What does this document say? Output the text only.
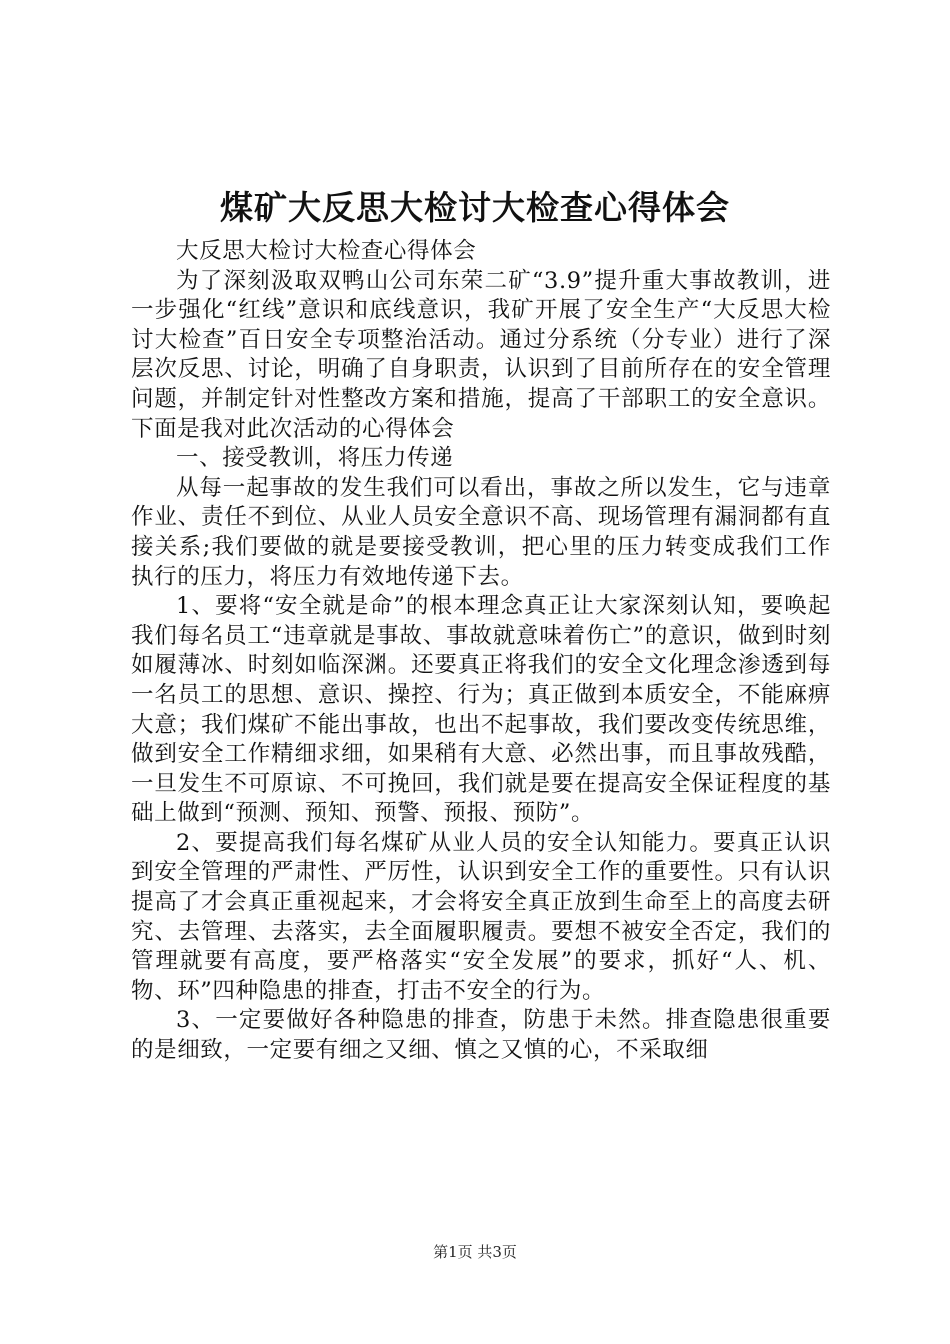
煤矿大反思大检讨大检查心得体会

大反思大检讨大检查心得体会

为了深刻汲取双鸭山公司东荣二矿“3.9”提升重大事故教训，进一步强化“红线”意识和底线意识，我矿开展了安全生产“大反思大检讨大检查”百日安全专项整治活动。通过分系统（分专业）进行了深层次反思、讨论，明确了自身职责，认识到了目前所存在的安全管理问题，并制定针对性整改方案和措施，提高了干部职工的安全意识。下面是我对此次活动的心得体会

一、接受教训，将压力传递

从每一起事故的发生我们可以看出，事故之所以发生，它与违章作业、责任不到位、从业人员安全意识不高、现场管理有漏洞都有直接关系;我们要做的就是要接受教训，把心里的压力转变成我们工作执行的压力，将压力有效地传递下去。

1、要将“安全就是命”的根本理念真正让大家深刻认知，要唤起我们每名员工“违章就是事故、事故就意味着伤亡”的意识，做到时刻如履薄冰、时刻如临深渊。还要真正将我们的安全文化理念渗透到每一名员工的思想、意识、操控、行为；真正做到本质安全，不能麻痹大意；我们煤矿不能出事故，也出不起事故，我们要改变传统思维，做到安全工作精细求细，如果稍有大意、必然出事，而且事故残酷，一旦发生不可原谅、不可挽回，我们就是要在提高安全保证程度的基础上做到“预测、预知、预警、预报、预防”。

2、要提高我们每名煤矿从业人员的安全认知能力。要真正认识到安全管理的严肃性、严厉性，认识到安全工作的重要性。只有认识提高了才会真正重视起来，才会将安全真正放到生命至上的高度去研究、去管理、去落实，去全面履职履责。要想不被安全否定，我们的管理就要有高度，要严格落实“安全发展”的要求，抓好“人、机、物、环”四种隐患的排查，打击不安全的行为。

3、一定要做好各种隐患的排查，防患于未然。排查隐患很重要的是细致，一定要有细之又细、慎之又慎的心，不采取细

第1页 共3页
